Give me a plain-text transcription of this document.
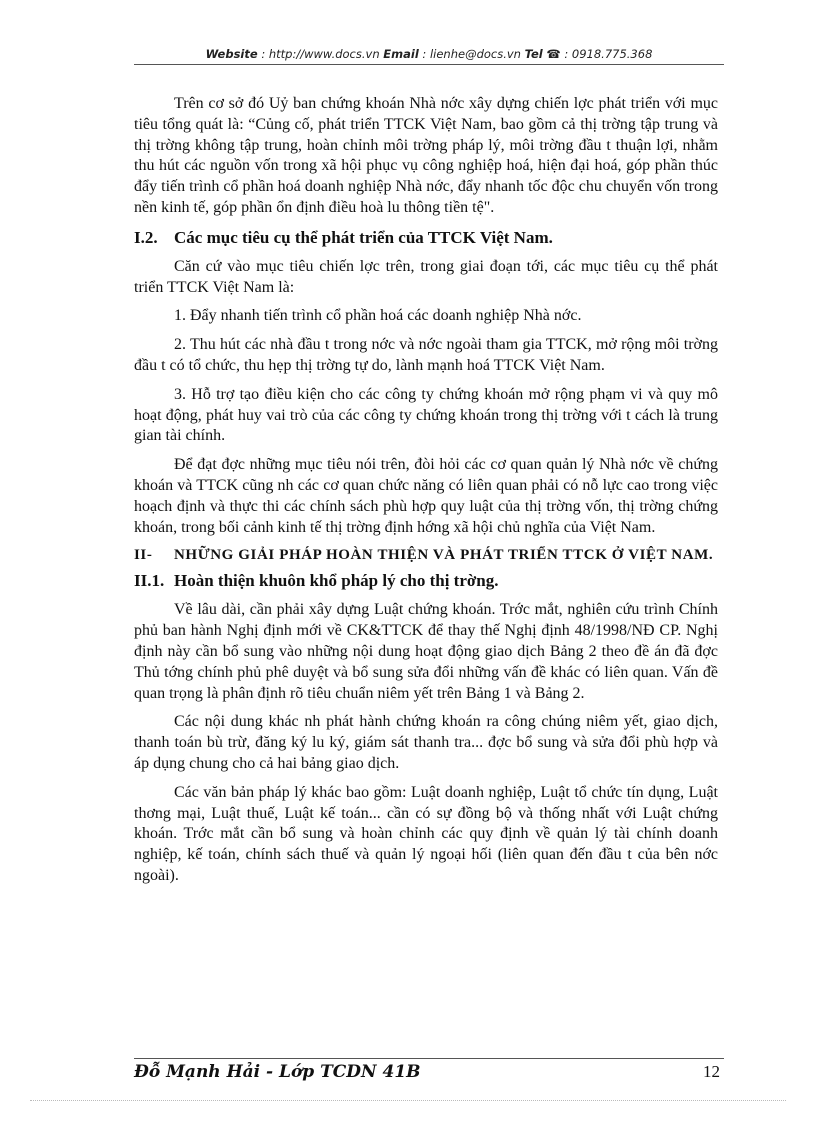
Website : http://www.docs.vn Email : lienhe@docs.vn Tel ☎ : 0918.775.368

Trên cơ sở đó Uỷ ban chứng khoán Nhà nớc xây dựng chiến lợc phát triển với mục tiêu tổng quát là: “Củng cố, phát triển TTCK Việt Nam, bao gồm cả thị trờng tập trung và thị trờng không tập trung, hoàn chỉnh môi trờng pháp lý, môi trờng đầu t thuận lợi, nhằm thu hút các nguồn vốn trong xã hội phục vụ công nghiệp hoá, hiện đại hoá, góp phần thúc đẩy tiến trình cổ phần hoá doanh nghiệp Nhà nớc, đẩy nhanh tốc độc chu chuyển vốn trong nền kinh tế, góp phần ổn định điều hoà lu thông tiền tệ".

I.2. Các mục tiêu cụ thể phát triển của TTCK Việt Nam.

Căn cứ vào mục tiêu chiến lợc trên, trong giai đoạn tới, các mục tiêu cụ thể phát triển TTCK Việt Nam là:

1. Đẩy nhanh tiến trình cổ phần hoá các doanh nghiệp Nhà nớc.

2. Thu hút các nhà đầu t trong nớc và nớc ngoài tham gia TTCK, mở rộng môi trờng đầu t có tổ chức, thu hẹp thị trờng tự do, lành mạnh hoá TTCK Việt Nam.

3. Hỗ trợ tạo điều kiện cho các công ty chứng khoán mở rộng phạm vi và quy mô hoạt động, phát huy vai trò của các công ty chứng khoán trong thị trờng với t cách là trung gian tài chính.

Để đạt đợc những mục tiêu nói trên, đòi hỏi các cơ quan quản lý Nhà nớc về chứng khoán và TTCK cũng nh các cơ quan chức năng có liên quan phải có nỗ lực cao trong việc hoạch định và thực thi các chính sách phù hợp quy luật của thị trờng vốn, thị trờng chứng khoán, trong bối cảnh kinh tế thị trờng định hớng xã hội chủ nghĩa của Việt Nam.

II-	NHỮNG GIẢI PHÁP HOÀN THIỆN VÀ PHÁT TRIỂN TTCK Ở VIỆT NAM.
II.1. Hoàn thiện khuôn khổ pháp lý cho thị trờng.

Về lâu dài, cần phải xây dựng Luật chứng khoán. Trớc mắt, nghiên cứu trình Chính phủ ban hành Nghị định mới về CK&TTCK để thay thế Nghị định 48/1998/NĐ CP. Nghị định này cần bổ sung vào những nội dung hoạt động giao dịch Bảng 2 theo đề án đã đợc Thủ tớng chính phủ phê duyệt và bổ sung sửa đổi những vấn đề khác có liên quan. Vấn đề quan trọng là phân định rõ tiêu chuẩn niêm yết trên Bảng 1 và Bảng 2.

Các nội dung khác nh phát hành chứng khoán ra công chúng niêm yết, giao dịch, thanh toán bù trừ, đăng ký lu ký, giám sát thanh tra... đợc bổ sung và sửa đổi phù hợp và áp dụng chung cho cả hai bảng giao dịch.

Các văn bản pháp lý khác bao gồm: Luật doanh nghiệp, Luật tổ chức tín dụng, Luật thơng mại, Luật thuế, Luật kế toán... cần có sự đồng bộ và thống nhất với Luật chứng khoán. Trớc mắt cần bổ sung và hoàn chỉnh các quy định về quản lý tài chính doanh nghiệp, kế toán, chính sách thuế và quản lý ngoại hối (liên quan đến đầu t của bên nớc ngoài).

Đỗ Mạnh Hải - Lớp TCDN 41B	12
